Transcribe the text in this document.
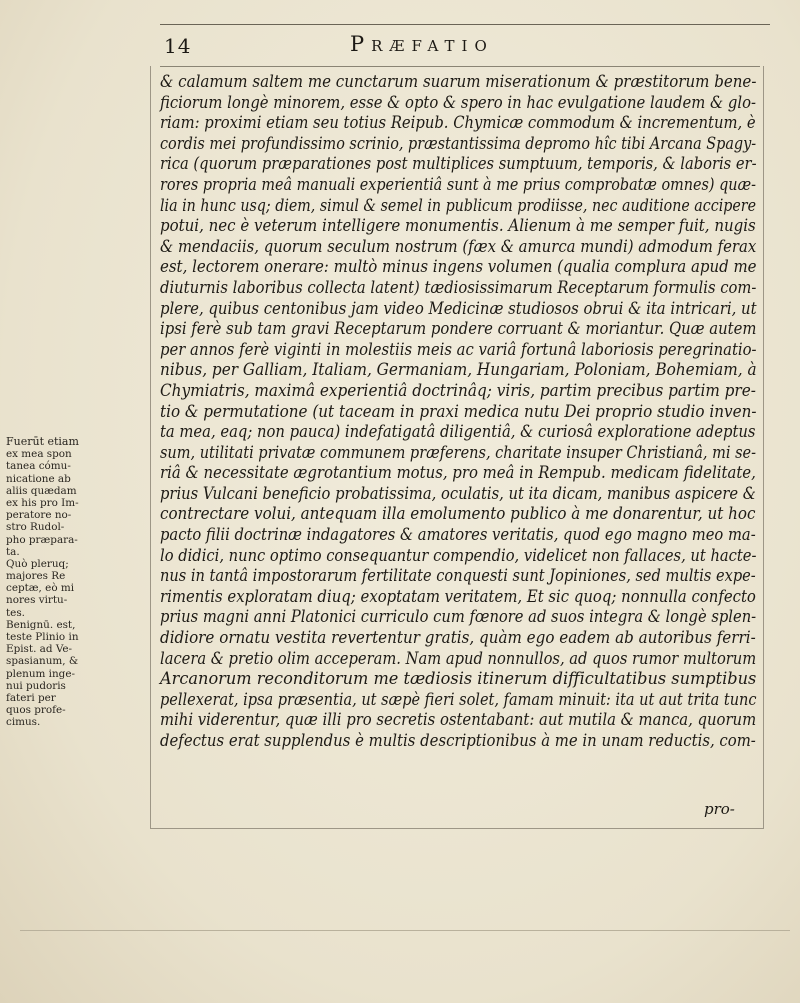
14	Præfatio
& calamum saltem me cunctarum suarum miserationum & præstitorum bene-
ficiorum longè minorem, esse & opto & spero in hac evulgatione laudem & glo-
riam: proximi etiam seu totius Reipub. Chymicæ commodum & incrementum, è
cordis mei profundissimo scrinio, præstantissima depromo hîc tibi Arcana Spagy-
rica (quorum præparationes post multiplices sumptuum, temporis, & laboris er-
rores propria meâ manuali experientiâ sunt à me prius comprobatæ omnes) quæ-
lia in hunc usq; diem, simul & semel in publicum prodiisse, nec auditione accipere
potui, nec è veterum intelligere monumentis. Alienum à me semper fuit, nugis
& mendaciis, quorum seculum nostrum (fæx & amurca mundi) admodum ferax
est, lectorem onerare: multò minus ingens volumen (qualia complura apud me
diuturnis laboribus collecta latent) tædiosissimarum Receptarum formulis com-
plere, quibus centonibus jam video Medicinæ studiosos obrui & ita intricari, ut
ipsi ferè sub tam gravi Receptarum pondere corruant & moriantur. Quæ autem
per annos ferè viginti in molestiis meis ac variâ fortunâ laboriosis peregrinatio-
nibus, per Galliam, Italiam, Germaniam, Hungariam, Poloniam, Bohemiam, à
Chymiatris, maximâ experientiâ doctrinâq; viris, partim precibus partim pre-
tio & permutatione (ut taceam in praxi medica nutu Dei proprio studio inven-
ta mea, eaq; non pauca) indefatigatâ diligentiâ, & curiosâ exploratione adeptus
sum, utilitati privatæ communem præferens, charitate insuper Christianâ, mi se-
riâ & necessitate ægrotantium motus, pro meâ in Rempub. medicam fidelitate,
prius Vulcani beneficio probatissima, oculatis, ut ita dicam, manibus aspicere &
contrectare volui, antequam illa emolumento publico à me donarentur, ut hoc
pacto filii doctrinæ indagatores & amatores veritatis, quod ego magno meo ma-
lo didici, nunc optimo consequantur compendio, videlicet non fallaces, ut hacte-
nus in tantâ impostorarum fertilitate conquesti sunt Jopiniones, sed multis expe-
rimentis exploratam diuq; exoptatam veritatem, Et sic quoq; nonnulla confecto
prius magni anni Platonici curriculo cum fœnore ad suos integra & longè splen-
didiore ornatu vestita revertentur gratis, quàm ego eadem ab autoribus ferri-
lacerа & pretio olim acceperam. Nam apud nonnullos, ad quos rumor multorum
Arcanorum reconditorum me tædiosis itinerum difficultatibus sumptibus
pellexerat, ipsa præsentia, ut sæpè fieri solet, famam minuit: ita ut aut trita tunc
mihi viderentur, quæ illi pro secretis ostentabant: aut mutila & manca, quorum
defectus erat supplendus è multis descriptionibus à me in unam reductis, com-
Fuerūt etiam
ex mea spon
tanea cómu-
nicatione ab
aliis quædam
ex his pro Im-
peratore no-
stro Rudol-
pho præpara-
ta.
Quò pleruq;
majores Re
ceptæ, eò mi
nores virtu-
tes.
Benignū. est,
teste Plinio in
Epist. ad Ve-
spasianum, &
plenum inge-
nui pudoris
fateri per
quos profe-
cimus.
pro-
